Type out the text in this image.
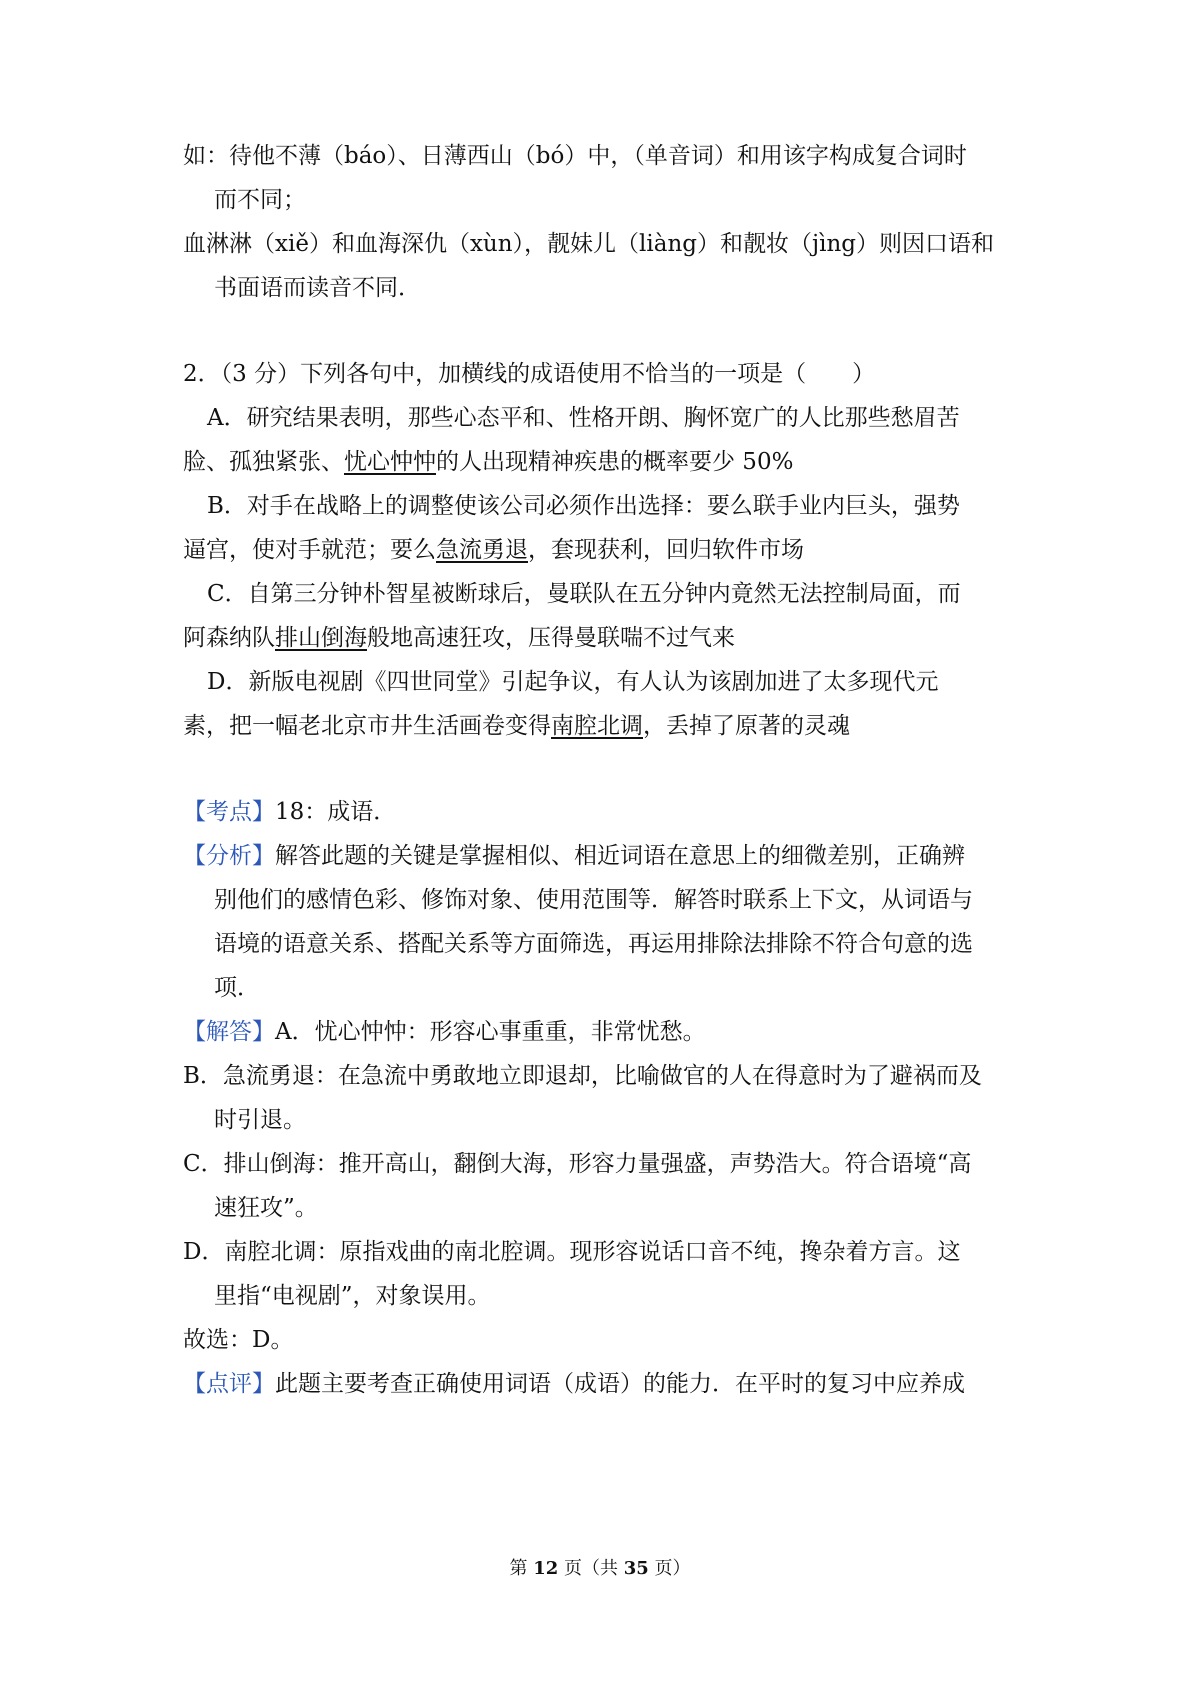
如：待他不薄（báo）、日薄西山（bó）中，（单音词）和用该字构成复合词时
而不同；
血淋淋（xiě）和血海深仇（xùn），靓妹儿（liàng）和靓妆（jìng）则因口语和
书面语而读音不同．
2．（3 分）下列各句中，加横线的成语使用不恰当的一项是（　　）
A．研究结果表明，那些心态平和、性格开朗、胸怀宽广的人比那些愁眉苦
脸、孤独紧张、忧心忡忡的人出现精神疾患的概率要少 50%
B．对手在战略上的调整使该公司必须作出选择：要么联手业内巨头，强势
逼宫，使对手就范；要么急流勇退，套现获利，回归软件市场
C．自第三分钟朴智星被断球后，曼联队在五分钟内竟然无法控制局面，而
阿森纳队排山倒海般地高速狂攻，压得曼联喘不过气来
D．新版电视剧《四世同堂》引起争议，有人认为该剧加进了太多现代元
素，把一幅老北京市井生活画卷变得南腔北调，丢掉了原著的灵魂
【考点】18：成语．
【分析】解答此题的关键是掌握相似、相近词语在意思上的细微差别，正确辨
别他们的感情色彩、修饰对象、使用范围等．解答时联系上下文，从词语与
语境的语意关系、搭配关系等方面筛选，再运用排除法排除不符合句意的选
项．
【解答】A．忧心忡忡：形容心事重重，非常忧愁。
B．急流勇退：在急流中勇敢地立即退却，比喻做官的人在得意时为了避祸而及
时引退。
C．排山倒海：推开高山，翻倒大海，形容力量强盛，声势浩大。符合语境“高
速狂攻”。
D．南腔北调：原指戏曲的南北腔调。现形容说话口音不纯，搀杂着方言。这
里指“电视剧”，对象误用。
故选：D。
【点评】此题主要考查正确使用词语（成语）的能力．在平时的复习中应养成
第 12 页（共 35 页）
